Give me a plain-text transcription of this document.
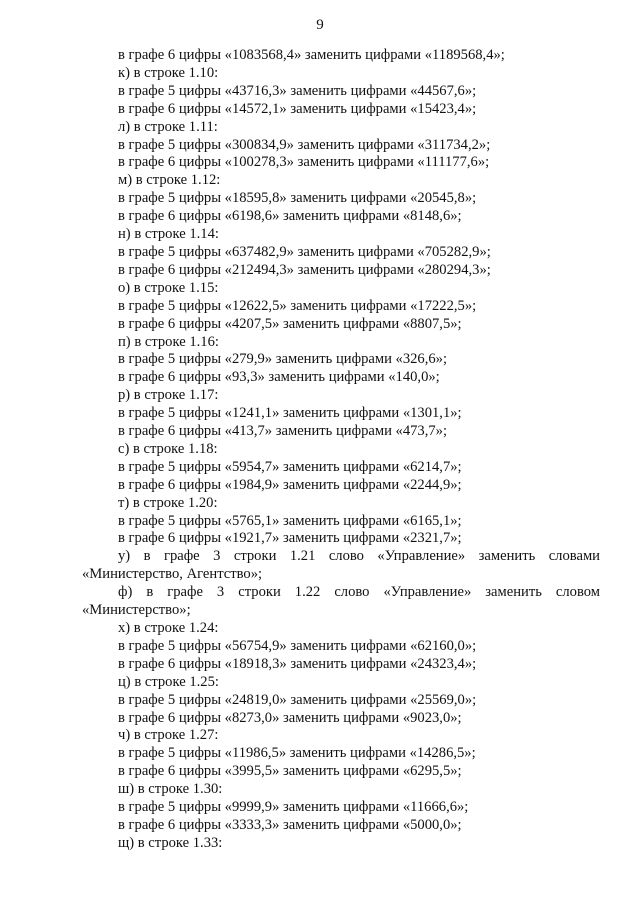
9
в графе 6 цифры «1083568,4» заменить цифрами «1189568,4»;
к) в строке 1.10:
в графе 5 цифры «43716,3» заменить цифрами «44567,6»;
в графе 6 цифры «14572,1» заменить цифрами «15423,4»;
л) в строке 1.11:
в графе 5 цифры «300834,9» заменить цифрами «311734,2»;
в графе 6 цифры «100278,3» заменить цифрами «111177,6»;
м) в строке 1.12:
в графе 5 цифры «18595,8» заменить цифрами «20545,8»;
в графе 6 цифры «6198,6» заменить цифрами «8148,6»;
н) в строке 1.14:
в графе 5 цифры «637482,9» заменить цифрами «705282,9»;
в графе 6 цифры «212494,3» заменить цифрами «280294,3»;
о) в строке 1.15:
в графе 5 цифры «12622,5» заменить цифрами «17222,5»;
в графе 6 цифры «4207,5» заменить цифрами «8807,5»;
п) в строке 1.16:
в графе 5 цифры «279,9» заменить цифрами «326,6»;
в графе 6 цифры «93,3» заменить цифрами «140,0»;
р) в строке 1.17:
в графе 5 цифры «1241,1» заменить цифрами «1301,1»;
в графе 6 цифры «413,7» заменить цифрами «473,7»;
с) в строке 1.18:
в графе 5 цифры «5954,7» заменить цифрами «6214,7»;
в графе 6 цифры «1984,9» заменить цифрами «2244,9»;
т) в строке 1.20:
в графе 5 цифры «5765,1» заменить цифрами «6165,1»;
в графе 6 цифры «1921,7» заменить цифрами «2321,7»;
у) в графе 3 строки 1.21 слово «Управление» заменить словами
«Министерство, Агентство»;
ф) в графе 3 строки 1.22 слово «Управление» заменить словом
«Министерство»;
х) в строке 1.24:
в графе 5 цифры «56754,9» заменить цифрами «62160,0»;
в графе 6 цифры «18918,3» заменить цифрами «24323,4»;
ц) в строке 1.25:
в графе 5 цифры «24819,0» заменить цифрами «25569,0»;
в графе 6 цифры «8273,0» заменить цифрами «9023,0»;
ч) в строке 1.27:
в графе 5 цифры «11986,5» заменить цифрами «14286,5»;
в графе 6 цифры «3995,5» заменить цифрами «6295,5»;
ш) в строке 1.30:
в графе 5 цифры «9999,9» заменить цифрами «11666,6»;
в графе 6 цифры «3333,3» заменить цифрами «5000,0»;
щ) в строке 1.33:
